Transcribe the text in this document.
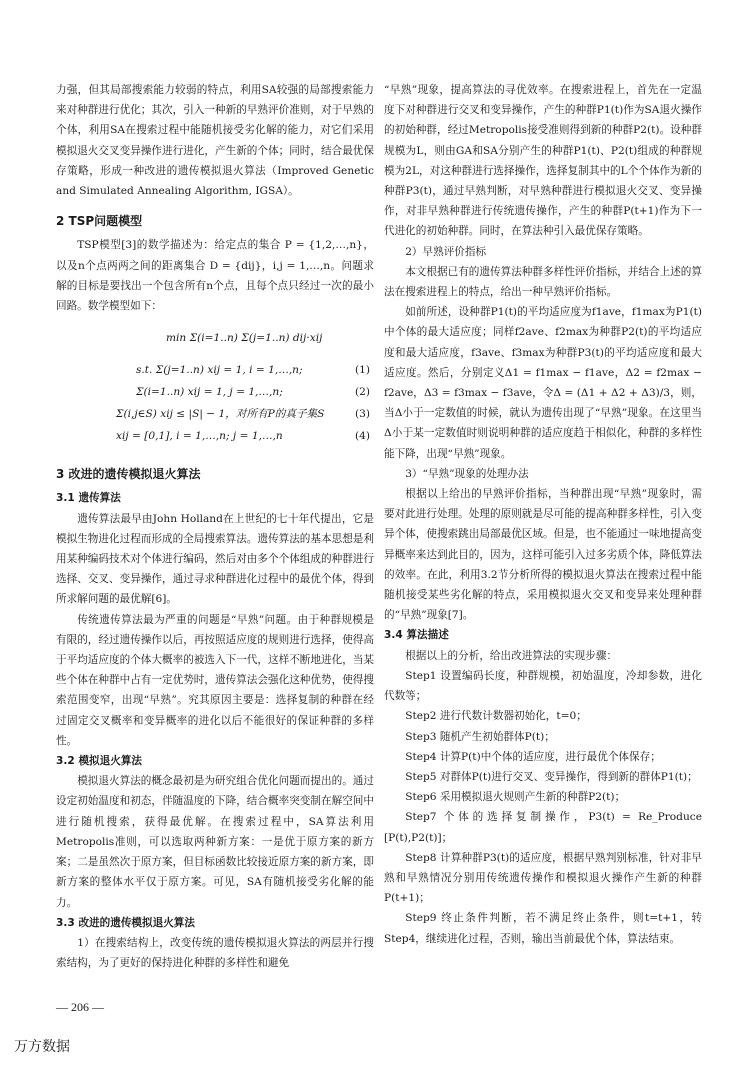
力强，但其局部搜索能力较弱的特点，利用SA较强的局部搜索能力来对种群进行优化；其次，引入一种新的早熟评价准则，对于早熟的个体，利用SA在搜索过程中能随机接受劣化解的能力，对它们采用模拟退火交叉变异操作进行进化，产生新的个体；同时，结合最优保存策略，形成一种改进的遗传模拟退火算法（Improved Genetic and Simulated Annealing Algorithm, IGSA）。

2 TSP问题模型

TSP模型[3]的数学描述为：给定点的集合 P = {1,2,…,n}，以及n个点两两之间的距离集合 D = {dij}，i,j = 1,…,n。问题求解的目标是要找出一个包含所有n个点，且每个点只经过一次的最小回路。数学模型如下：

min Σ(i=1..n) Σ(j=1..n) dij·xij
s.t. Σ(j=1..n) xij = 1, i = 1,…,n;	(1)
Σ(i=1..n) xij = 1, j = 1,…,n;	(2)
Σ(i,j∈S) xij ≤ |S| − 1，对所有P的真子集S	(3)
xij = [0,1], i = 1,…,n; j = 1,…,n	(4)
3 改进的遗传模拟退火算法
3.1 遗传算法

遗传算法最早由John Holland在上世纪的七十年代提出，它是模拟生物进化过程而形成的全局搜索算法。遗传算法的基本思想是利用某种编码技术对个体进行编码，然后对由多个个体组成的种群进行选择、交叉、变异操作，通过寻求种群进化过程中的最优个体，得到所求解问题的最优解[6]。

传统遗传算法最为严重的问题是“早熟”问题。由于种群规模是有限的，经过遗传操作以后，再按照适应度的规则进行选择，使得高于平均适应度的个体大概率的被选入下一代，这样不断地进化，当某些个体在种群中占有一定优势时，遗传算法会强化这种优势，使得搜索范围变窄，出现“早熟”。究其原因主要是：选择复制的种群在经过固定交叉概率和变异概率的进化以后不能很好的保证种群的多样性。

3.2 模拟退火算法

模拟退火算法的概念最初是为研究组合优化问题而提出的。通过设定初始温度和初态，伴随温度的下降，结合概率突变制在解空间中进行随机搜索，获得最优解。在搜索过程中，SA算法利用Metropolis准则，可以选取两种新方案：一是优于原方案的新方案；二是虽然次于原方案，但目标函数比较接近原方案的新方案，即新方案的整体水平仅于原方案。可见，SA有随机接受劣化解的能力。

3.3 改进的遗传模拟退火算法

1）在搜索结构上，改变传统的遗传模拟退火算法的两层并行搜索结构，为了更好的保持进化种群的多样性和避免

“早熟”现象，提高算法的寻优效率。在搜索进程上，首先在一定温度下对种群进行交叉和变异操作，产生的种群P1(t)作为SA退火操作的初始种群，经过Metropolis接受准则得到新的种群P2(t)。设种群规模为L，则由GA和SA分别产生的种群P1(t)、P2(t)组成的种群规模为2L，对这种群进行选择操作，选择复制其中的L个个体作为新的种群P3(t)，通过早熟判断，对早熟种群进行模拟退火交叉、变异操作，对非早熟种群进行传统遗传操作，产生的种群P(t+1)作为下一代进化的初始种群。同时，在算法种引入最优保存策略。

2）早熟评价指标

本文根据已有的遗传算法种群多样性评价指标，并结合上述的算法在搜索进程上的特点，给出一种早熟评价指标。

如前所述，设种群P1(t)的平均适应度为f1ave，f1max为P1(t)中个体的最大适应度；同样f2ave、f2max为种群P2(t)的平均适应度和最大适应度，f3ave、f3max为种群P3(t)的平均适应度和最大适应度。然后，分别定义Δ1 = f1max − f1ave，Δ2 = f2max − f2ave，Δ3 = f3max − f3ave，令Δ = (Δ1 + Δ2 + Δ3)/3，则，当Δ小于一定数值的时候，就认为遗传出现了“早熟”现象。在这里当Δ小于某一定数值时则说明种群的适应度趋于相似化，种群的多样性能下降，出现“早熟”现象。

3）“早熟”现象的处理办法

根据以上给出的早熟评价指标，当种群出现“早熟”现象时，需要对此进行处理。处理的原则就是尽可能的提高种群多样性，引入变异个体，使搜索跳出局部最优区域。但是，也不能通过一味地提高变异概率来达到此目的，因为，这样可能引入过多劣质个体，降低算法的效率。在此，利用3.2节分析所得的模拟退火算法在搜索过程中能随机接受某些劣化解的特点，采用模拟退火交叉和变异来处理种群的“早熟”现象[7]。

3.4 算法描述

根据以上的分析，给出改进算法的实现步骤：

Step1 设置编码长度，种群规模，初始温度，冷却参数，进化代数等；

Step2 进行代数计数器初始化，t=0；

Step3 随机产生初始群体P(t)；

Step4 计算P(t)中个体的适应度，进行最优个体保存；

Step5 对群体P(t)进行交叉、变异操作，得到新的群体P1(t)；

Step6 采用模拟退火规则产生新的种群P2(t)；

Step7 个体的选择复制操作，P3(t) = Re_Produce [P(t),P2(t)]；

Step8 计算种群P3(t)的适应度，根据早熟判别标准，针对非早熟和早熟情况分别用传统遗传操作和模拟退火操作产生新的种群P(t+1)；

Step9 终止条件判断，若不满足终止条件，则t=t+1，转Step4，继续进化过程，否则，输出当前最优个体，算法结束。

— 206 —
万方数据
